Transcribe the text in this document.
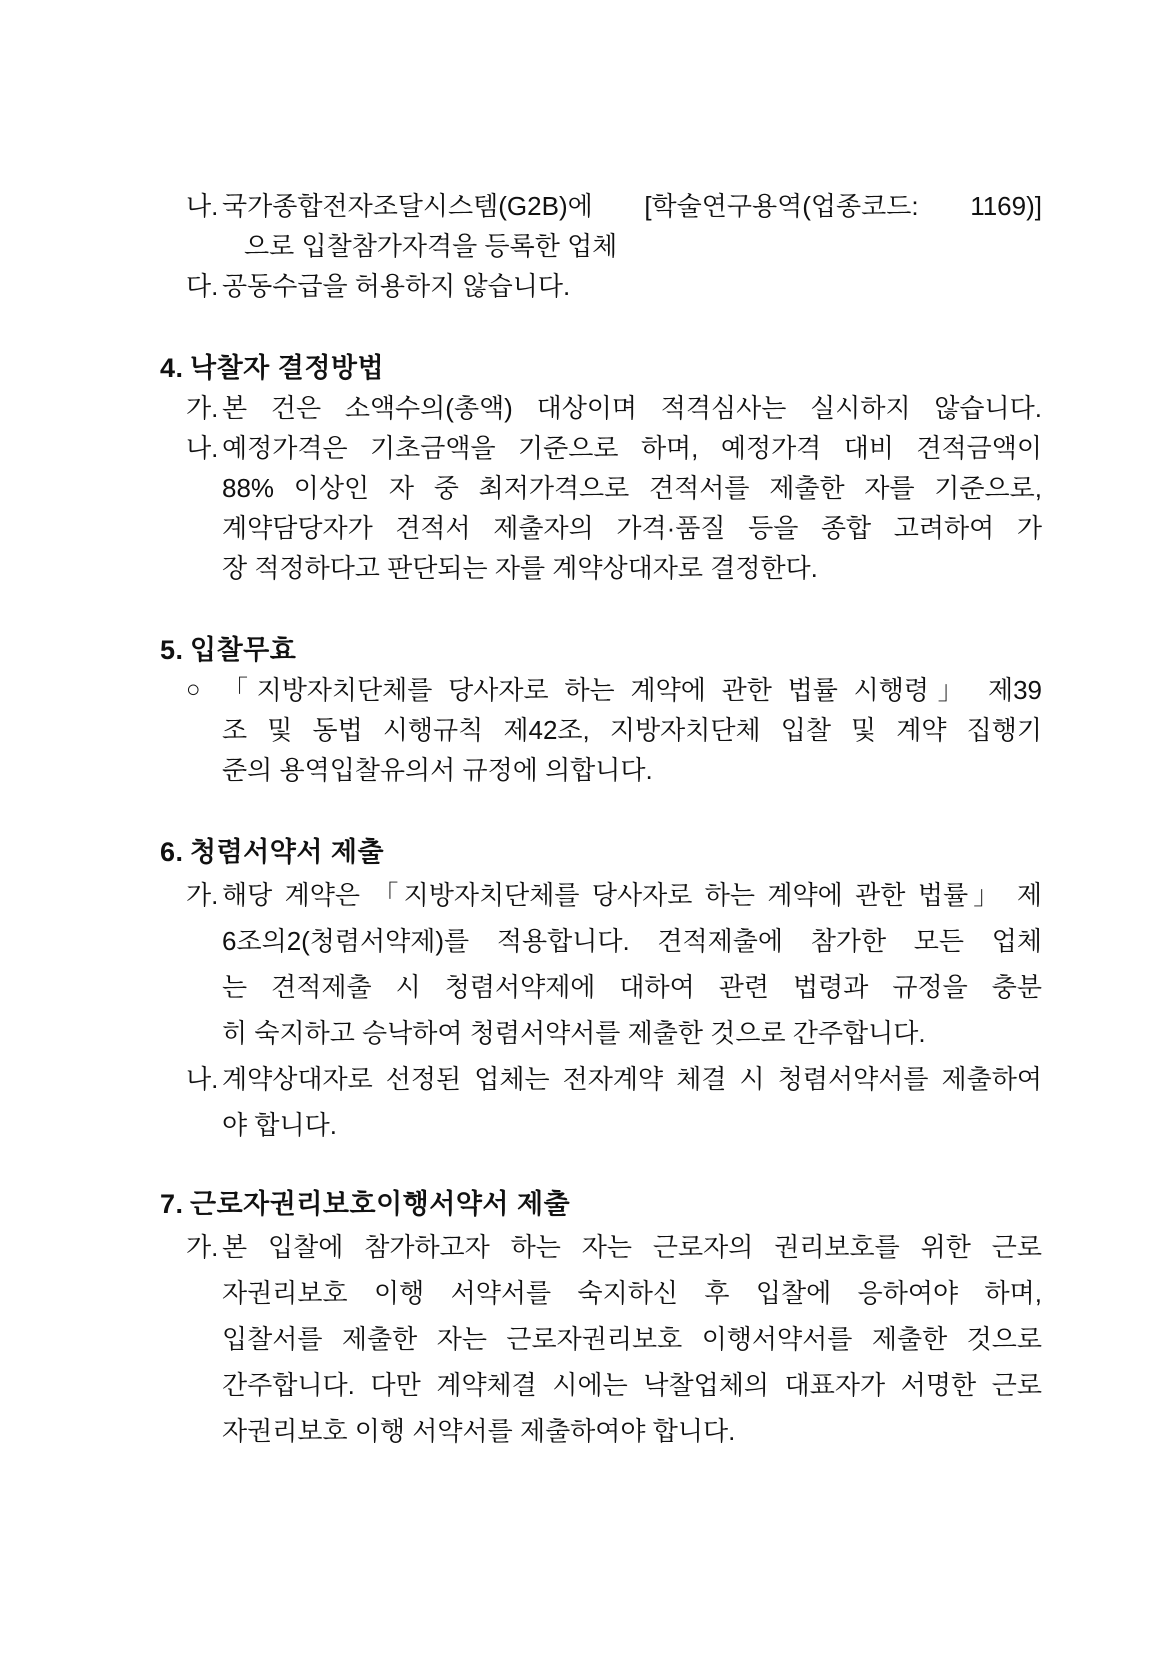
나. 국가종합전자조달시스템(G2B)에 [학술연구용역(업종코드: 1169)]
으로 입찰참가자격을 등록한 업체
다. 공동수급을 허용하지 않습니다.
4. 낙찰자 결정방법
가. 본 건은 소액수의(총액) 대상이며 적격심사는 실시하지 않습니다.
나. 예정가격은 기초금액을 기준으로 하며, 예정가격 대비 견적금액이
88% 이상인 자 중 최저가격으로 견적서를 제출한 자를 기준으로,
계약담당자가 견적서 제출자의 가격·품질 등을 종합 고려하여 가
장 적정하다고 판단되는 자를 계약상대자로 결정한다.
5. 입찰무효
○ 「지방자치단체를 당사자로 하는 계약에 관한 법률 시행령」 제39
조 및 동법 시행규칙 제42조, 지방자치단체 입찰 및 계약 집행기
준의 용역입찰유의서 규정에 의합니다.
6. 청렴서약서 제출
가. 해당 계약은 「지방자치단체를 당사자로 하는 계약에 관한 법률」 제
6조의2(청렴서약제)를 적용합니다. 견적제출에 참가한 모든 업체
는 견적제출 시 청렴서약제에 대하여 관련 법령과 규정을 충분
히 숙지하고 승낙하여 청렴서약서를 제출한 것으로 간주합니다.
나. 계약상대자로 선정된 업체는 전자계약 체결 시 청렴서약서를 제출하여
야 합니다.
7. 근로자권리보호이행서약서 제출
가. 본 입찰에 참가하고자 하는 자는 근로자의 권리보호를 위한 근로
자권리보호 이행 서약서를 숙지하신 후 입찰에 응하여야 하며,
입찰서를 제출한 자는 근로자권리보호 이행서약서를 제출한 것으로
간주합니다. 다만 계약체결 시에는 낙찰업체의 대표자가 서명한 근로
자권리보호 이행 서약서를 제출하여야 합니다.
